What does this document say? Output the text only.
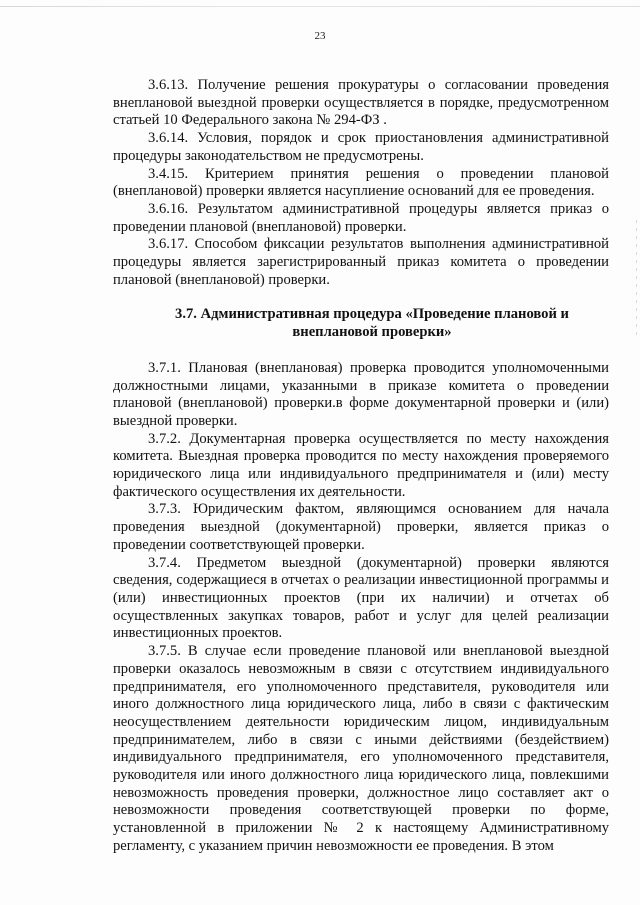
23

3.6.13. Получение решения прокуратуры о согласовании проведения внеплановой выездной проверки осуществляется в порядке, предусмотренном статьей 10 Федерального закона № 294-ФЗ .

3.6.14. Условия, порядок и срок приостановления административной процедуры законодательством не предусмотрены.

3.4.15. Критерием принятия решения о проведении плановой (внеплановой) проверки является насуплиение оснований для ее проведения.

3.6.16. Результатом административной процедуры является приказ о проведении плановой (внеплановой) проверки.

3.6.17. Способом фиксации результатов выполнения административной процедуры является зарегистрированный приказ комитета о проведении плановой (внеплановой) проверки.

3.7. Административная процедура «Проведение плановой и
внеплановой проверки»

3.7.1. Плановая (внеплановая) проверка проводится уполномоченными должностными лицами, указанными в приказе комитета о проведении плановой (внеплановой) проверки.в форме документарной проверки и (или) выездной проверки.

3.7.2. Документарная проверка осуществляется по месту нахождения комитета. Выездная проверка проводится по месту нахождения проверяемого юридического лица или индивидуального предпринимателя и (или) месту фактического осуществления их деятельности.

3.7.3. Юридическим фактом, являющимся основанием для начала проведения выездной (документарной) проверки, является приказ о проведении соответствующей проверки.

3.7.4. Предметом выездной (документарной) проверки являются сведения, содержащиеся в отчетах о реализации инвестиционной программы и (или) инвестиционных проектов (при их наличии) и отчетах об осуществленных закупках товаров, работ и услуг для целей реализации инвестиционных проектов.

3.7.5. В случае если проведение плановой или внеплановой выездной проверки оказалось невозможным в связи с отсутствием индивидуального предпринимателя, его уполномоченного представителя, руководителя или иного должностного лица юридического лица, либо в связи с фактическим неосуществлением деятельности юридическим лицом, индивидуальным предпринимателем, либо в связи с иными действиями (бездействием) индивидуального предпринимателя, его уполномоченного представителя, руководителя или иного должностного лица юридического лица, повлекшими невозможность проведения проверки, должностное лицо составляет акт о невозможности проведения соответствующей проверки по форме, установленной в приложении № 2 к настоящему Административному регламенту, с указанием причин невозможности ее проведения. В этом
